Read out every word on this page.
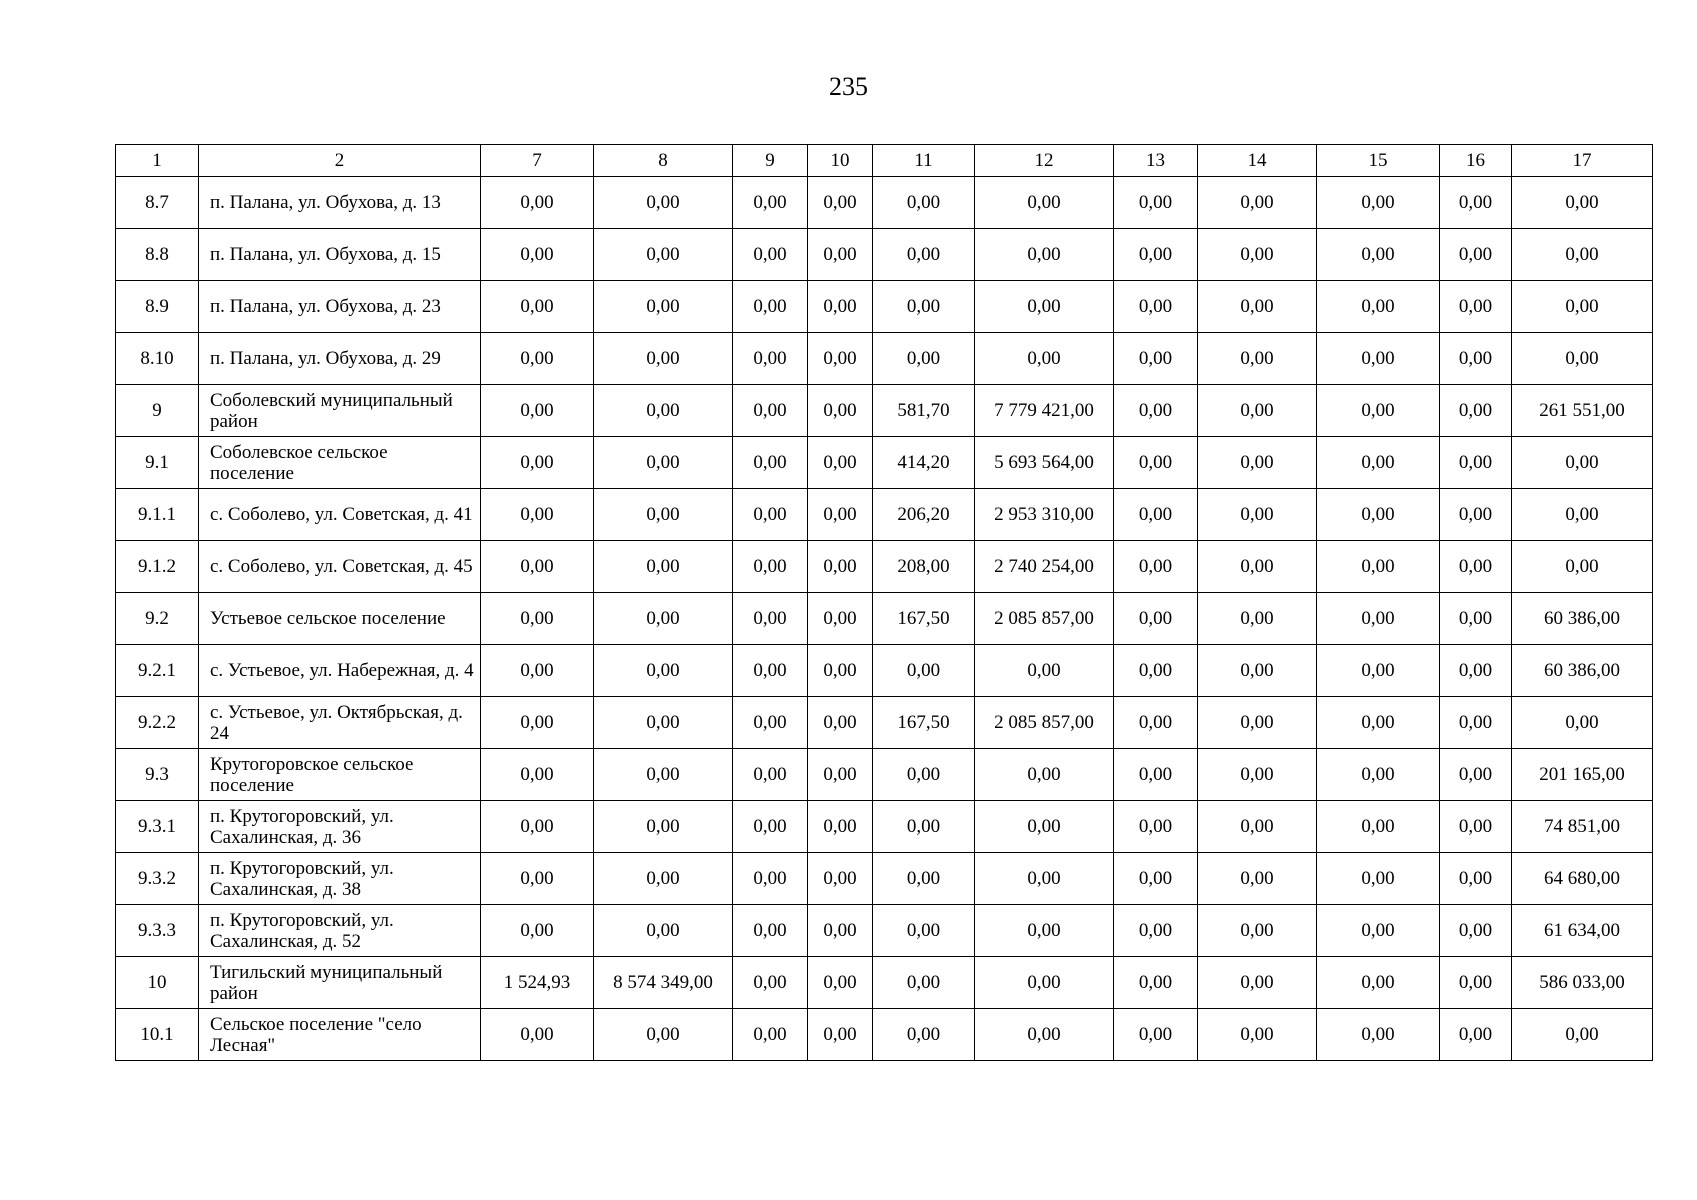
235
1	2	7	8	9	10	11	12	13	14	15	16	17
8.7	п. Палана, ул. Обухова, д. 13	0,00	0,00	0,00	0,00	0,00	0,00	0,00	0,00	0,00	0,00	0,00
8.8	п. Палана, ул. Обухова, д. 15	0,00	0,00	0,00	0,00	0,00	0,00	0,00	0,00	0,00	0,00	0,00
8.9	п. Палана, ул. Обухова, д. 23	0,00	0,00	0,00	0,00	0,00	0,00	0,00	0,00	0,00	0,00	0,00
8.10	п. Палана, ул. Обухова, д. 29	0,00	0,00	0,00	0,00	0,00	0,00	0,00	0,00	0,00	0,00	0,00
9	Соболевский муниципальный район	0,00	0,00	0,00	0,00	581,70	7 779 421,00	0,00	0,00	0,00	0,00	261 551,00
9.1	Соболевское сельское поселение	0,00	0,00	0,00	0,00	414,20	5 693 564,00	0,00	0,00	0,00	0,00	0,00
9.1.1	с. Соболево, ул. Советская, д. 41	0,00	0,00	0,00	0,00	206,20	2 953 310,00	0,00	0,00	0,00	0,00	0,00
9.1.2	с. Соболево, ул. Советская, д. 45	0,00	0,00	0,00	0,00	208,00	2 740 254,00	0,00	0,00	0,00	0,00	0,00
9.2	Устьевое сельское поселение	0,00	0,00	0,00	0,00	167,50	2 085 857,00	0,00	0,00	0,00	0,00	60 386,00
9.2.1	с. Устьевое, ул. Набережная, д. 4	0,00	0,00	0,00	0,00	0,00	0,00	0,00	0,00	0,00	0,00	60 386,00
9.2.2	с. Устьевое, ул. Октябрьская, д. 24	0,00	0,00	0,00	0,00	167,50	2 085 857,00	0,00	0,00	0,00	0,00	0,00
9.3	Крутогоровское сельское поселение	0,00	0,00	0,00	0,00	0,00	0,00	0,00	0,00	0,00	0,00	201 165,00
9.3.1	п. Крутогоровский, ул. Сахалинская, д. 36	0,00	0,00	0,00	0,00	0,00	0,00	0,00	0,00	0,00	0,00	74 851,00
9.3.2	п. Крутогоровский, ул. Сахалинская, д. 38	0,00	0,00	0,00	0,00	0,00	0,00	0,00	0,00	0,00	0,00	64 680,00
9.3.3	п. Крутогоровский, ул. Сахалинская, д. 52	0,00	0,00	0,00	0,00	0,00	0,00	0,00	0,00	0,00	0,00	61 634,00
10	Тигильский муниципальный район	1 524,93	8 574 349,00	0,00	0,00	0,00	0,00	0,00	0,00	0,00	0,00	586 033,00
10.1	Сельское поселение "село Лесная"	0,00	0,00	0,00	0,00	0,00	0,00	0,00	0,00	0,00	0,00	0,00
